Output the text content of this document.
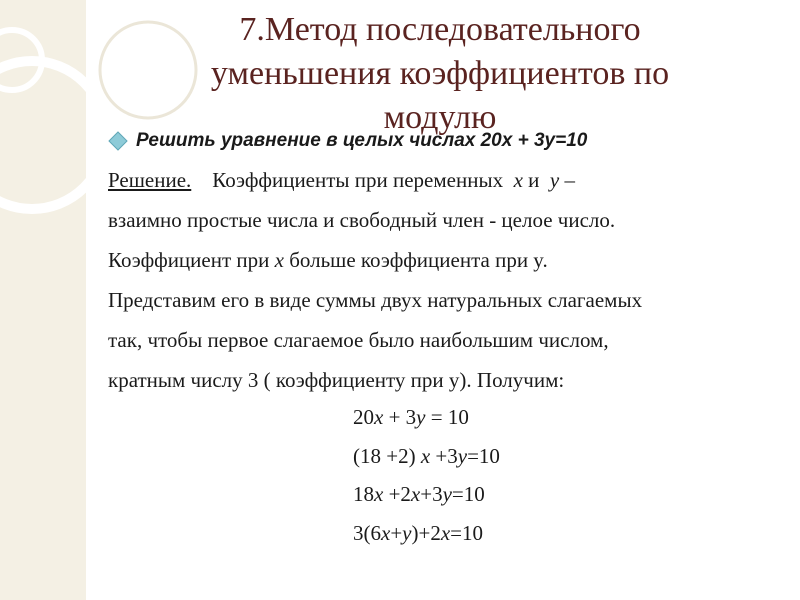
7.Метод последовательного
уменьшения коэффициентов по
модулю
Решить уравнение в целых числах 20x + 3y=10
Решение. Коэффициенты при переменных x и y –
взаимно простые числа и свободный член - целое число.
Коэффициент при x больше коэффициента при y.
Представим его в виде суммы двух натуральных слагаемых
так, чтобы первое слагаемое было наибольшим числом,
кратным числу 3 ( коэффициенту при y). Получим:
20x + 3y = 10
(18 +2) x +3y=10
18x +2x+3y=10
3(6x+y)+2x=10
